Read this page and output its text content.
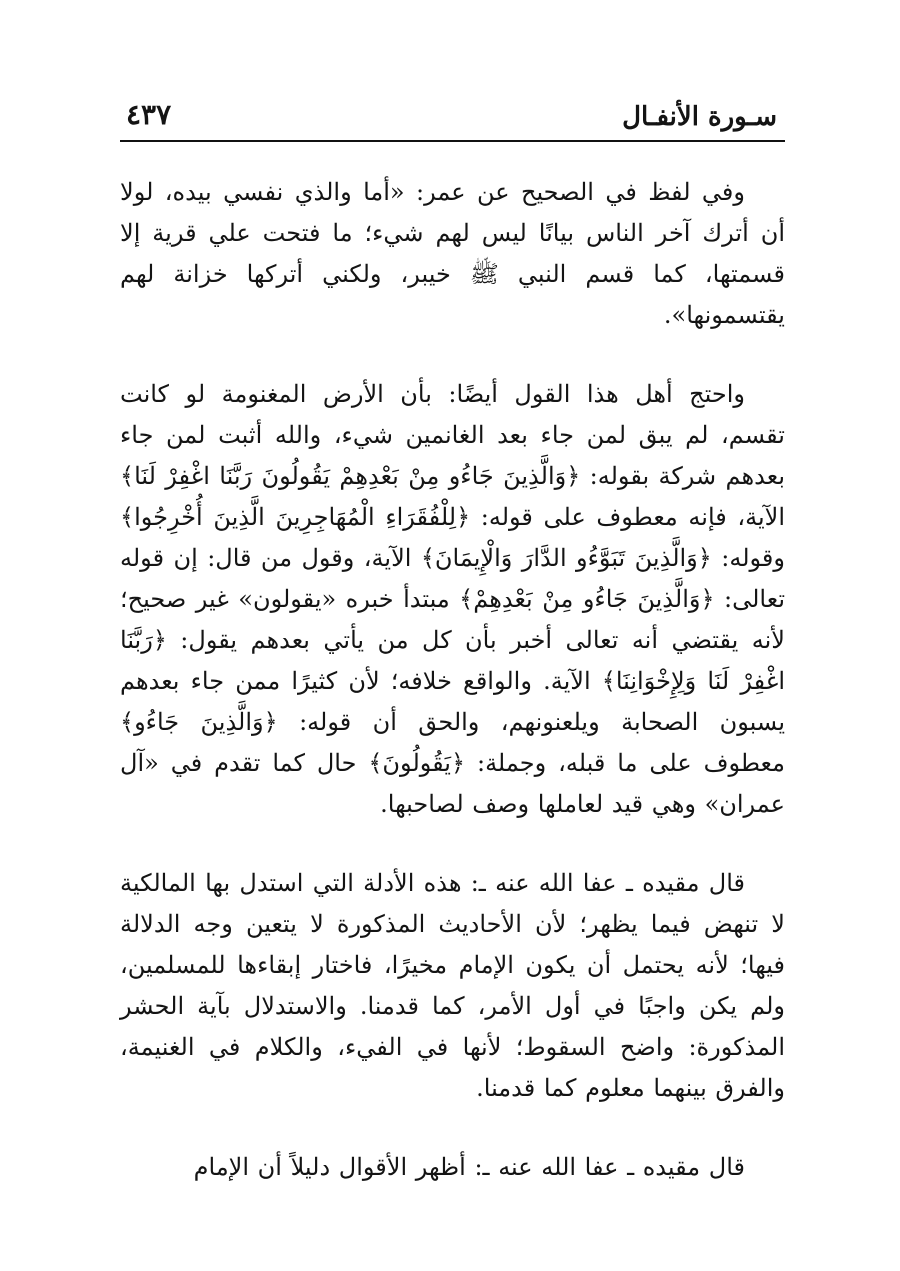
سـورة الأنفـال
٤٣٧

وفي لفظ في الصحيح عن عمر: «أما والذي نفسي بيده، لولا أن أترك آخر الناس بيانًا ليس لهم شيء؛ ما فتحت علي قرية إلا قسمتها، كما قسم النبي ﷺ خيبر، ولكني أتركها خزانة لهم يقتسمونها».

واحتج أهل هذا القول أيضًا: بأن الأرض المغنومة لو كانت تقسم، لم يبق لمن جاء بعد الغانمين شيء، والله أثبت لمن جاء بعدهم شركة بقوله: ﴿وَالَّذِينَ جَاءُو مِنْ بَعْدِهِمْ يَقُولُونَ رَبَّنَا اغْفِرْ لَنَا﴾ الآية، فإنه معطوف على قوله: ﴿لِلْفُقَرَاءِ الْمُهَاجِرِينَ الَّذِينَ أُخْرِجُوا﴾ وقوله: ﴿وَالَّذِينَ تَبَوَّءُو الدَّارَ وَالْإِيمَانَ﴾ الآية، وقول من قال: إن قوله تعالى: ﴿وَالَّذِينَ جَاءُو مِنْ بَعْدِهِمْ﴾ مبتدأ خبره «يقولون» غير صحيح؛ لأنه يقتضي أنه تعالى أخبر بأن كل من يأتي بعدهم يقول: ﴿رَبَّنَا اغْفِرْ لَنَا وَلِإِخْوَانِنَا﴾ الآية. والواقع خلافه؛ لأن كثيرًا ممن جاء بعدهم يسبون الصحابة ويلعنونهم، والحق أن قوله: ﴿وَالَّذِينَ جَاءُو﴾ معطوف على ما قبله، وجملة: ﴿يَقُولُونَ﴾ حال كما تقدم في «آل عمران» وهي قيد لعاملها وصف لصاحبها.

قال مقيده ـ عفا الله عنه ـ: هذه الأدلة التي استدل بها المالكية لا تنهض فيما يظهر؛ لأن الأحاديث المذكورة لا يتعين وجه الدلالة فيها؛ لأنه يحتمل أن يكون الإمام مخيرًا، فاختار إبقاءها للمسلمين، ولم يكن واجبًا في أول الأمر، كما قدمنا. والاستدلال بآية الحشر المذكورة: واضح السقوط؛ لأنها في الفيء، والكلام في الغنيمة، والفرق بينهما معلوم كما قدمنا.

قال مقيده ـ عفا الله عنه ـ: أظهر الأقوال دليلاً أن الإمام
